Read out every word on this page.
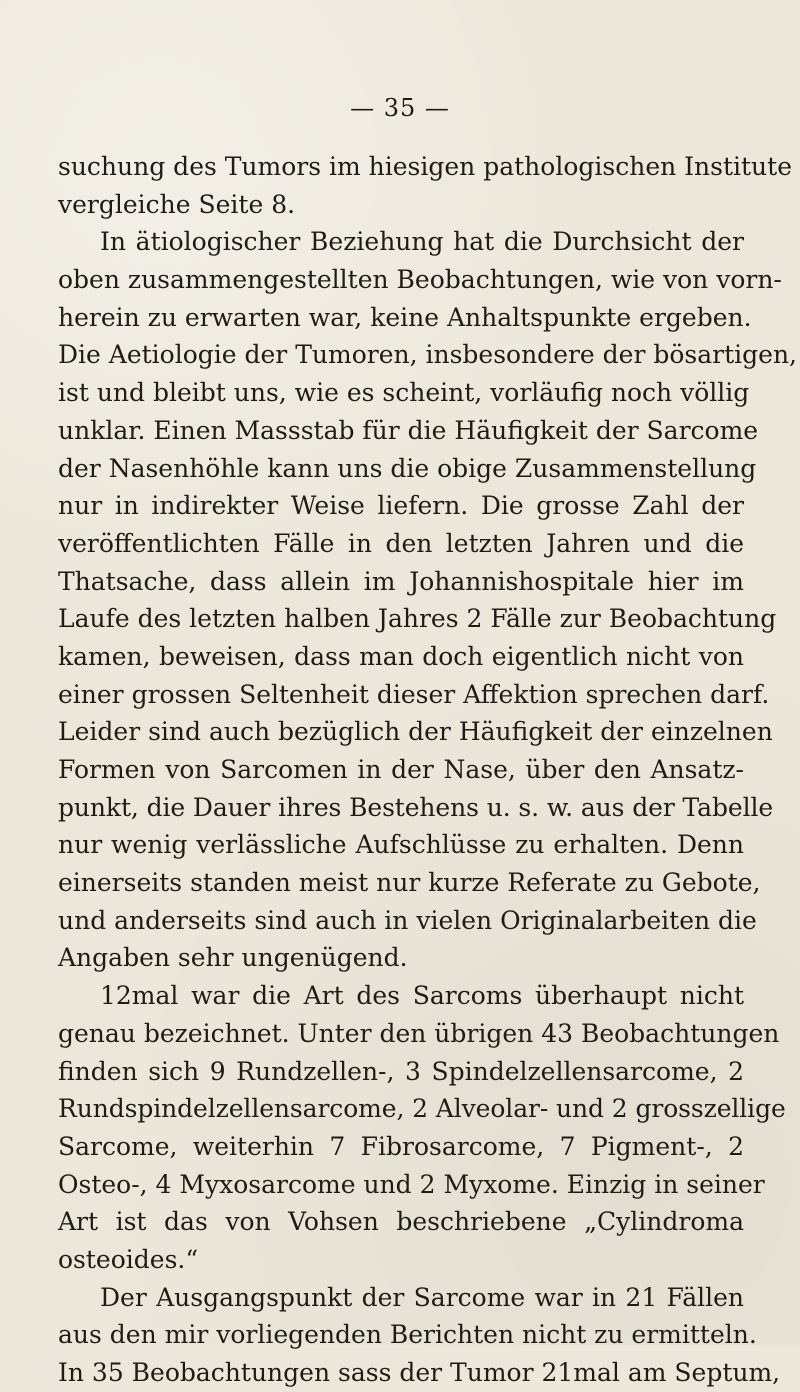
— 35 —
suchung des Tumors im hiesigen pathologischen Institute
vergleiche Seite 8.
In ätiologischer Beziehung hat die Durchsicht der
oben zusammengestellten Beobachtungen, wie von vorn-
herein zu erwarten war, keine Anhaltspunkte ergeben.
Die Aetiologie der Tumoren, insbesondere der bösartigen,
ist und bleibt uns, wie es scheint, vorläufig noch völlig
unklar. Einen Massstab für die Häufigkeit der Sarcome
der Nasenhöhle kann uns die obige Zusammenstellung
nur in indirekter Weise liefern. Die grosse Zahl der
veröffentlichten Fälle in den letzten Jahren und die
Thatsache, dass allein im Johannishospitale hier im
Laufe des letzten halben Jahres 2 Fälle zur Beobachtung
kamen, beweisen, dass man doch eigentlich nicht von
einer grossen Seltenheit dieser Affektion sprechen darf.
Leider sind auch bezüglich der Häufigkeit der einzelnen
Formen von Sarcomen in der Nase, über den Ansatz-
punkt, die Dauer ihres Bestehens u. s. w. aus der Tabelle
nur wenig verlässliche Aufschlüsse zu erhalten. Denn
einerseits standen meist nur kurze Referate zu Gebote,
und anderseits sind auch in vielen Originalarbeiten die
Angaben sehr ungenügend.
12mal war die Art des Sarcoms überhaupt nicht
genau bezeichnet. Unter den übrigen 43 Beobachtungen
finden sich 9 Rundzellen-, 3 Spindelzellensarcome, 2
Rundspindelzellensarcome, 2 Alveolar- und 2 grosszellige
Sarcome, weiterhin 7 Fibrosarcome, 7 Pigment-, 2
Osteo-, 4 Myxosarcome und 2 Myxome. Einzig in seiner
Art ist das von Vohsen beschriebene „Cylindroma
osteoides.“
Der Ausgangspunkt der Sarcome war in 21 Fällen
aus den mir vorliegenden Berichten nicht zu ermitteln.
In 35 Beobachtungen sass der Tumor 21mal am Septum,
